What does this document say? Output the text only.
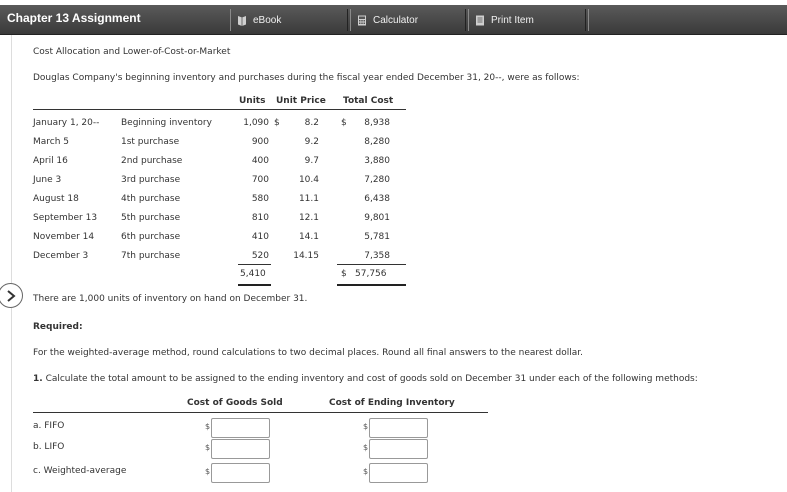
Chapter 13 Assignment	eBook	Calculator	Print Item
Cost Allocation and Lower-of-Cost-or-Market
Douglas Company's beginning inventory and purchases during the fiscal year ended December 31, 20--, were as follows:
Units Unit Price Total Cost
January 1, 20-- Beginning inventory	1,090 $	8.2 $ 8,938
March 5	1st purchase	900	9.2	8,280
April 16	2nd purchase	400	9.7	3,880
June 3	3rd purchase	700	10.4	7,280
August 18	4th purchase	580	11.1	6,438
September 13	5th purchase	810	12.1	9,801
November 14	6th purchase	410	14.1	5,781
December 3	7th purchase	520	14.15	7,358
5,410	$ 57,756
There are 1,000 units of inventory on hand on December 31.
Required:
For the weighted-average method, round calculations to two decimal places. Round all final answers to the nearest dollar.
1. Calculate the total amount to be assigned to the ending inventory and cost of goods sold on December 31 under each of the following methods:
Cost of Goods Sold	Cost of Ending Inventory
a. FIFO	$	$
b. LIFO	$	$
c. Weighted-average	$	$
